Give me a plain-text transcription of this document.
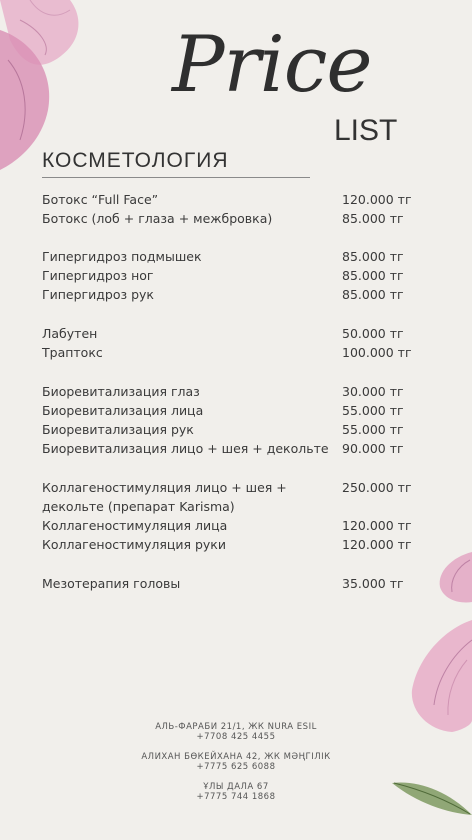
Price
LIST
КОСМЕТОЛОГИЯ
Ботокс “Full Face”	120.000 тг
Ботокс (лоб + глаза + межбровка)	85.000 тг
Гипергидроз подмышек	85.000 тг
Гипергидроз ног	85.000 тг
Гипергидроз рук	85.000 тг
Лабутен	50.000 тг
Траптокс	100.000 тг
Биоревитализация глаз	30.000 тг
Биоревитализация лица	55.000 тг
Биоревитализация рук	55.000 тг
Биоревитализация лицо + шея + декольте 90.000 тг
Коллагеностимуляция лицо + шея + декольте (препарат Karisma)
250.000 тг
Коллагеностимуляция лица	120.000 тг
Коллагеностимуляция руки	120.000 тг
Мезотерапия головы	35.000 тг
АЛЬ-ФАРАБИ 21/1, ЖК NURA ESIL
+7708 425 4455
АЛИХАН БӨКЕЙХАНА 42, ЖК МӘҢГІЛІК
+7775 625 6088
ҰЛЫ ДАЛА 67
+7775 744 1868
